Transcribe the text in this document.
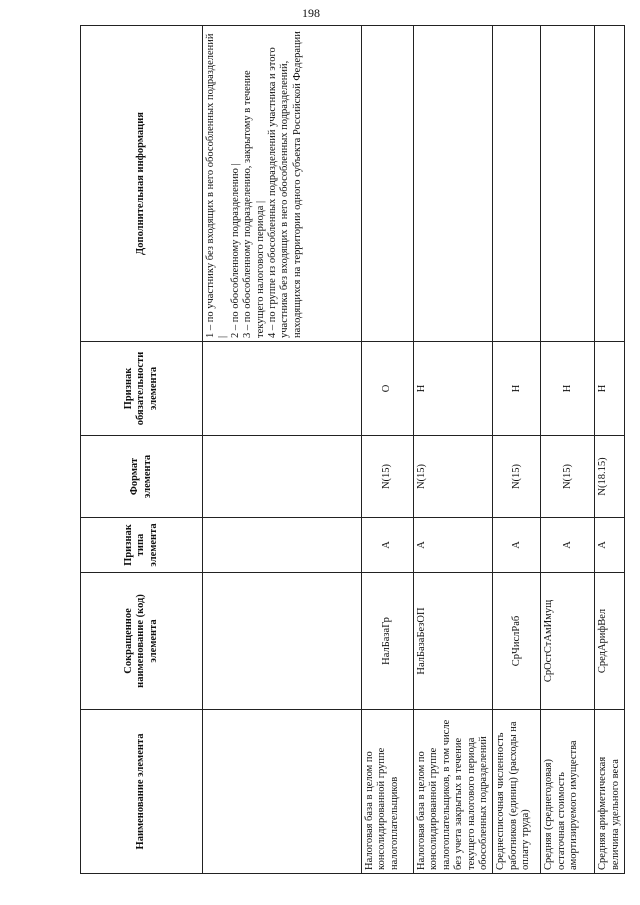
198
Наименование элемента	Сокращенное наименование (код) элемента	Признак типа элемента	Формат элемента	Признак обязательности элемента	Дополнительная информация
					1 – по участнику без входящих в него обособленных подразделений |
2 – по обособленному подразделению |
3 – по обособленному подразделению, закрытому в течение текущего налогового периода |
4 – по группе из обособленных подразделений участника и этого участника без входящих в него обособленных подразделений, находящихся на территории одного субъекта Российской Федерации
Налоговая база в целом по консолидированной группе налогоплательщиков	НалБазаГр	А	N(15)	О	
Налоговая база в целом по консолидированной группе налогоплательщиков, в том числе без учета закрытых в течение текущего налогового периода обособленных подразделений	НалБазаБезОП	А	N(15)	Н	
Среднесписочная численность работников (единиц) (расходы на оплату труда)	СрЧислРаб	А	N(15)	Н	
Средняя (среднегодовая) остаточная стоимость амортизируемого имущества	СрОстСтАмИмущ	А	N(15)	Н	
Средняя арифметическая величина удельного веса	СредАрифВел	А	N(18.15)	Н	
